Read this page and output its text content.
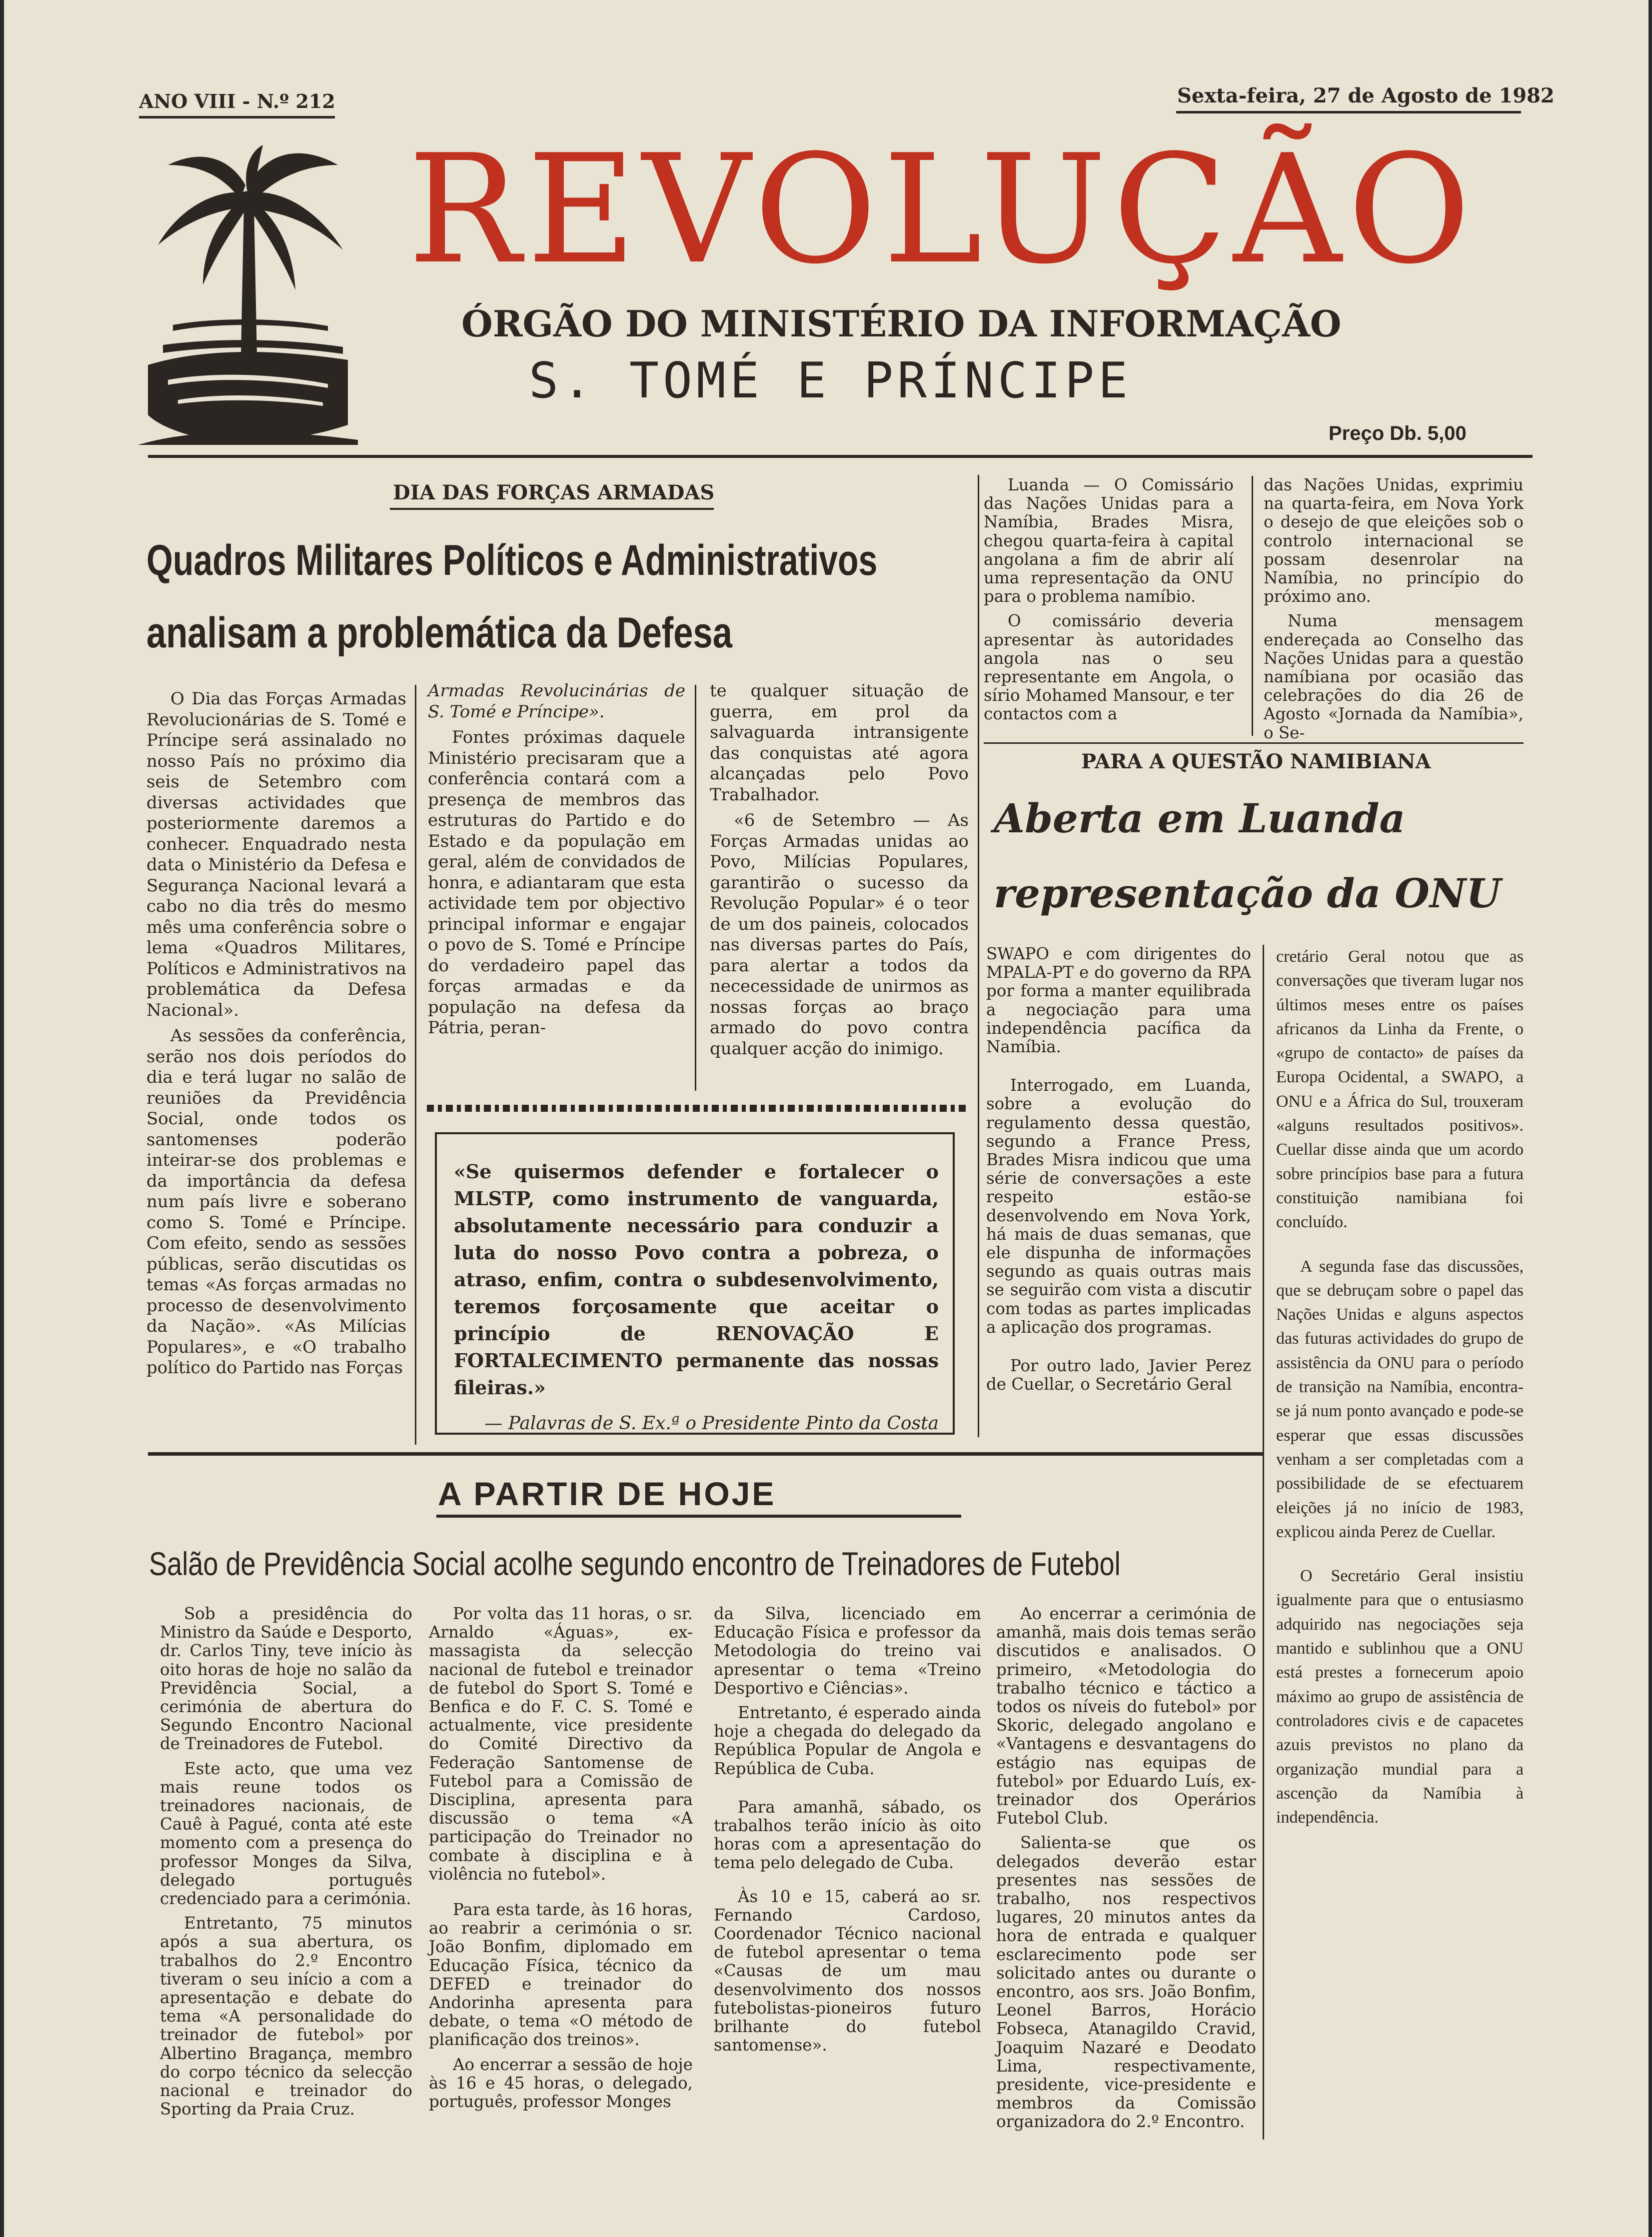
ANO VIII - N.º 212	Sexta-feira, 27 de Agosto de 1982
REVOLUÇÃO
ÓRGÃO DO MINISTÉRIO DA INFORMAÇÃO
S. TOMÉ E PRÍNCIPE
Preço Db. 5,00
DIA DAS FORÇAS ARMADAS
Quadros Militares Políticos e Administrativos
analisam a problemática da Defesa

O Dia das Forças Armadas Revolucionárias de S. Tomé e Príncipe será assinalado no nosso País no próximo dia seis de Setembro com diversas actividades que posteriormente daremos a conhecer. Enquadrado nesta data o Ministério da Defesa e Segurança Nacional levará a cabo no dia três do mesmo mês uma conferência sobre o lema «Quadros Militares, Políticos e Administrativos na problemática da Defesa Nacional».

As sessões da conferência, serão nos dois períodos do dia e terá lugar no salão de reuniões da Previdência Social, onde todos os santomenses poderão inteirar-se dos problemas e da importância da defesa num país livre e soberano como S. Tomé e Príncipe. Com efeito, sendo as sessões públicas, serão discutidas os temas «As forças armadas no processo de desenvolvimento da Nação». «As Milícias Populares», e «O trabalho político do Partido nas Forças

Armadas Revolucinárias de S. Tomé e Príncipe».

Fontes próximas daquele Ministério precisaram que a conferência contará com a presença de membros das estruturas do Partido e do Estado e da população em geral, além de convidados de honra, e adiantaram que esta actividade tem por objectivo principal informar e engajar o povo de S. Tomé e Príncipe do verdadeiro papel das forças armadas e da população na defesa da Pátria, peran-

te qualquer situação de guerra, em prol da salvaguarda intransigente das conquistas até agora alcançadas pelo Povo Trabalhador.

«6 de Setembro — As Forças Armadas unidas ao Povo, Milícias Populares, garantirão o sucesso da Revolução Popular» é o teor de um dos paineis, colocados nas diversas partes do País, para alertar a todos da nececessidade de unirmos as nossas forças ao braço armado do povo contra qualquer acção do inimigo.

«Se quisermos defender e fortalecer o MLSTP, como instrumento de vanguarda, absolutamente necessário para conduzir a luta do nosso Povo contra a pobreza, o atraso, enfim, contra o subdesenvolvimento, teremos forçosamente que aceitar o princípio de RENOVAÇÃO E FORTALECIMENTO permanente das nossas fileiras.»
— Palavras de S. Ex.ª o Presidente Pinto da Costa

Luanda — O Comissário das Nações Unidas para a Namíbia, Brades Misra, chegou quarta-feira à capital angolana a fim de abrir alí uma representação da ONU para o problema namíbio.

O comissário deveria apresentar às autoridades angola nas o seu representante em Angola, o sírio Mohamed Mansour, e ter contactos com a

das Nações Unidas, exprimiu na quarta-feira, em Nova York o desejo de que eleições sob o controlo internacional se possam desenrolar na Namíbia, no princípio do próximo ano.

Numa mensagem endereçada ao Conselho das Nações Unidas para a questão namíbiana por ocasião das celebrações do dia 26 de Agosto «Jornada da Namíbia», o Se-

PARA A QUESTÃO NAMIBIANA
Aberta em Luanda
representação da ONU

SWAPO e com dirigentes do MPALA-PT e do governo da RPA por forma a manter equilibrada a negociação para uma independência pacífica da Namíbia.

Interrogado, em Luanda, sobre a evolução do regulamento dessa questão, segundo a France Press, Brades Misra indicou que uma série de conversações a este respeito estão-se desenvolvendo em Nova York, há mais de duas semanas, que ele dispunha de informações segundo as quais outras mais se seguirão com vista a discutir com todas as partes implicadas a aplicação dos programas.

Por outro lado, Javier Perez de Cuellar, o Secretário Geral

cretário Geral notou que as conversações que tiveram lugar nos últimos meses entre os países africanos da Linha da Frente, o «grupo de contacto» de países da Europa Ocidental, a SWAPO, a ONU e a África do Sul, trouxeram «alguns resultados positivos». Cuellar disse ainda que um acordo sobre princípios base para a futura constituição namibiana foi concluído.

A segunda fase das discussões, que se debruçam sobre o papel das Nações Unidas e alguns aspectos das futuras actividades do grupo de assistência da ONU para o período de transição na Namíbia, encontra-se já num ponto avançado e pode-se esperar que essas discussões venham a ser completadas com a possibilidade de se efectuarem eleições já no início de 1983, explicou ainda Perez de Cuellar.

O Secretário Geral insistiu igualmente para que o entusiasmo adquirido nas negociações seja mantido e sublinhou que a ONU está prestes a fornecerum apoio máximo ao grupo de assistência de controladores civis e de capacetes azuis previstos no plano da organização mundial para a ascenção da Namíbia à independência.

A PARTIR DE HOJE
Salão de Previdência Social acolhe segundo encontro de Treinadores de Futebol

Sob a presidência do Ministro da Saúde e Desporto, dr. Carlos Tiny, teve início às oito horas de hoje no salão da Previdência Social, a cerimónia de abertura do Segundo Encontro Nacional de Treinadores de Futebol.

Este acto, que uma vez mais reune todos os treinadores nacionais, de Cauê à Pagué, conta até este momento com a presença do professor Monges da Silva, delegado português credenciado para a cerimónia.

Entretanto, 75 minutos após a sua abertura, os trabalhos do 2.º Encontro tiveram o seu início a com a apresentação e debate do tema «A personalidade do treinador de futebol» por Albertino Bragança, membro do corpo técnico da selecção nacional e treinador do Sporting da Praia Cruz.

Por volta das 11 horas, o sr. Arnaldo «Águas», ex-massagista da selecção nacional de futebol e treinador de futebol do Sport S. Tomé e Benfica e do F. C. S. Tomé e actualmente, vice presidente do Comité Directivo da Federação Santomense de Futebol para a Comissão de Disciplina, apresenta para discussão o tema «A participação do Treinador no combate à disciplina e à violência no futebol».

Para esta tarde, às 16 horas, ao reabrir a cerimónia o sr. João Bonfim, diplomado em Educação Física, técnico da DEFED e treinador do Andorinha apresenta para debate, o tema «O método de planificação dos treinos».

Ao encerrar a sessão de hoje às 16 e 45 horas, o delegado, português, professor Monges

da Silva, licenciado em Educação Física e professor da Metodologia do treino vai apresentar o tema «Treino Desportivo e Ciências».

Entretanto, é esperado ainda hoje a chegada do delegado da República Popular de Angola e República de Cuba.

Para amanhã, sábado, os trabalhos terão início às oito horas com a apresentação do tema pelo delegado de Cuba.

Às 10 e 15, caberá ao sr. Fernando Cardoso, Coordenador Técnico nacional de futebol apresentar o tema «Causas de um mau desenvolvimento dos nossos futebolistas-pioneiros futuro brilhante do futebol santomense».

Ao encerrar a cerimónia de amanhã, mais dois temas serão discutidos e analisados. O primeiro, «Metodologia do trabalho técnico e táctico a todos os níveis do futebol» por Skoric, delegado angolano e «Vantagens e desvantagens do estágio nas equipas de futebol» por Eduardo Luís, ex-treinador dos Operários Futebol Club.

Salienta-se que os delegados deverão estar presentes nas sessões de trabalho, nos respectivos lugares, 20 minutos antes da hora de entrada e qualquer esclarecimento pode ser solicitado antes ou durante o encontro, aos srs. João Bonfim, Leonel Barros, Horácio Fobseca, Atanagildo Cravid, Joaquim Nazaré e Deodato Lima, respectivamente, presidente, vice-presidente e membros da Comissão organizadora do 2.º Encontro.
